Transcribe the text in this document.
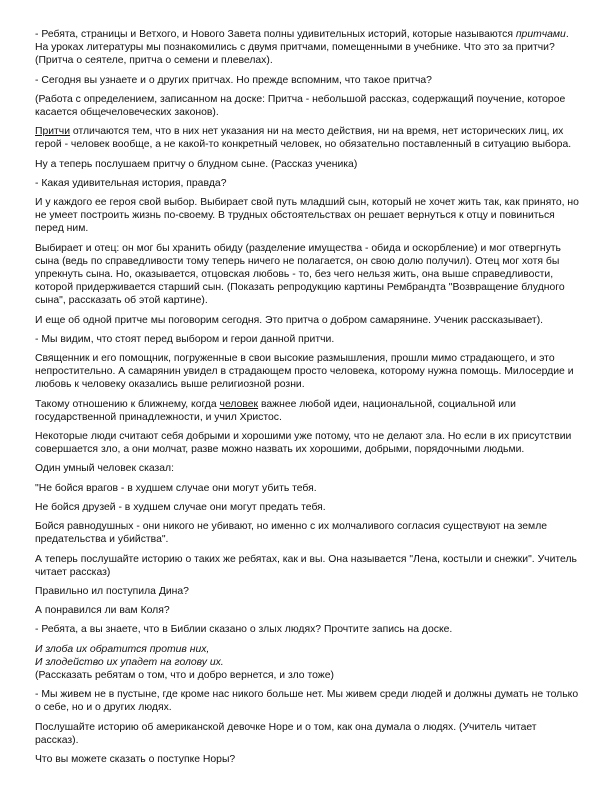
- Ребята, страницы и Ветхого, и Нового Завета полны удивительных историй, которые называются притчами. На уроках литературы мы познакомились с двумя притчами, помещенными в учебнике. Что это за притчи? (Притча о сеятеле, притча о семени и плевелах).

- Сегодня вы узнаете и о других притчах. Но прежде вспомним, что такое притча?

(Работа с определением, записанном на доске: Притча - небольшой рассказ, содержащий поучение, которое касается общечеловеческих законов).

Притчи отличаются тем, что в них нет указания ни на место действия, ни на время, нет исторических лиц, их герой - человек вообще, а не какой-то конкретный человек, но обязательно поставленный в ситуацию выбора.

Ну а теперь послушаем притчу о блудном сыне. (Рассказ ученика)

- Какая удивительная история, правда?

И у каждого ее героя свой выбор. Выбирает свой путь младший сын, который не хочет жить так, как принято, но не умеет построить жизнь по-своему. В трудных обстоятельствах он решает вернуться к отцу и повиниться перед ним.

Выбирает и отец: он мог бы хранить обиду (разделение имущества - обида и оскорбление) и мог отвергнуть сына (ведь по справедливости тому теперь ничего не полагается, он свою долю получил). Отец мог хотя бы упрекнуть сына. Но, оказывается, отцовская любовь - то, без чего нельзя жить, она выше справедливости, которой придерживается старший сын. (Показать репродукцию картины Рембрандта "Возвращение блудного сына", рассказать об этой картине).

И еще об одной притче мы поговорим сегодня. Это притча о добром самарянине. Ученик рассказывает).

- Мы видим, что стоят перед выбором и герои данной притчи.

Священник и его помощник, погруженные в свои высокие размышления, прошли мимо страдающего, и это непростительно. А самарянин увидел в страдающем просто человека, которому нужна помощь. Милосердие и любовь к человеку оказались выше религиозной розни.

Такому отношению к ближнему, когда человек важнее любой идеи, национальной, социальной или государственной принадлежности, и учил Христос.

Некоторые люди считают себя добрыми и хорошими уже потому, что не делают зла. Но если в их присутствии совершается зло, а они молчат, разве можно назвать их хорошими, добрыми, порядочными людьми.

Один умный человек сказал:

"Не бойся врагов - в худшем случае они могут убить тебя.

Не бойся друзей - в худшем случае они могут предать тебя.

Бойся равнодушных - они никого не убивают, но именно с их молчаливого согласия существуют на земле предательства и убийства".

А теперь послушайте историю о таких же ребятах, как и вы. Она называется "Лена, костыли и снежки". Учитель читает рассказ)

Правильно ил поступила Дина?

А понравился ли вам Коля?

- Ребята, а вы знаете, что в Библии сказано о злых людях? Прочтите запись на доске.

И злоба их обратится против них,
И злодейство их упадет на голову их.
(Рассказать ребятам о том, что и добро вернется, и зло тоже)

- Мы живем не в пустыне, где кроме нас никого больше нет. Мы живем среди людей и должны думать не только о себе, но и о других людях.

Послушайте историю об американской девочке Норе и о том, как она думала о людях. (Учитель читает рассказ).

Что вы можете сказать о поступке Норы?
